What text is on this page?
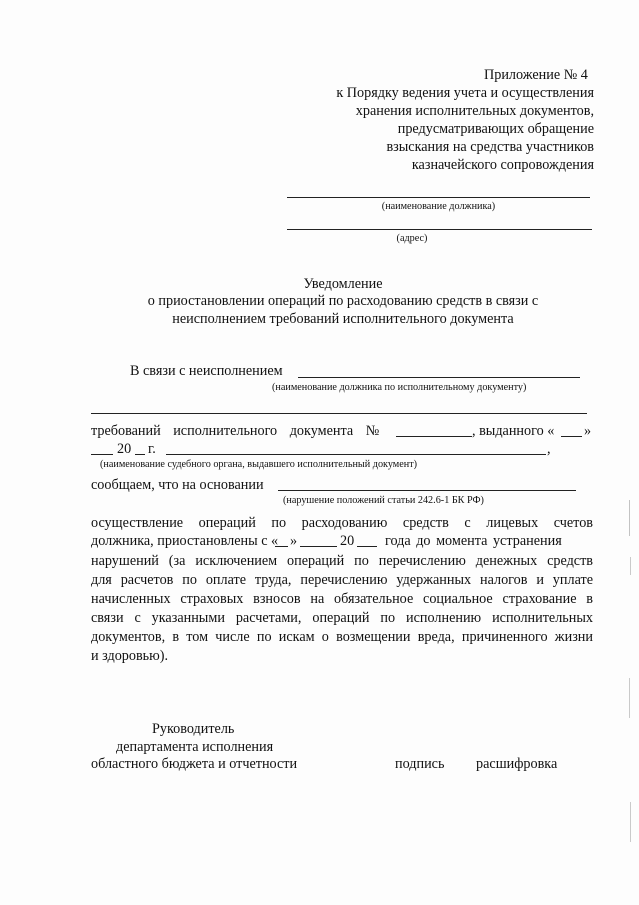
Приложение № 4
к Порядку ведения учета и осуществления
хранения исполнительных документов,
предусматривающих обращение
взыскания на средства участников
казначейского сопровождения
(наименование должника)
(адрес)
Уведомление
о приостановлении операций по расходованию средств в связи с
неисполнением требований исполнительного документа
В связи с неисполнением
(наименование должника по исполнительному документу)
требований исполнительного документа №	, выданного « »
20 г.	,
(наименование судебного органа, выдавшего исполнительный документ)
сообщаем, что на основании
(нарушение положений статьи 242.6-1 БК РФ)
осуществление операций по расходованию средств с лицевых счетов
должника, приостановлены с « »	20 года до момента устранения
нарушений (за исключением операций по перечислению денежных средств
для расчетов по оплате труда, перечислению удержанных налогов и уплате
начисленных страховых взносов на обязательное социальное страхование в
связи с указанными расчетами, операций по исполнению исполнительных
документов, в том числе по искам о возмещении вреда, причиненного жизни
и здоровью).
Руководитель
департамента исполнения
областного бюджета и отчетности	подпись расшифровка
